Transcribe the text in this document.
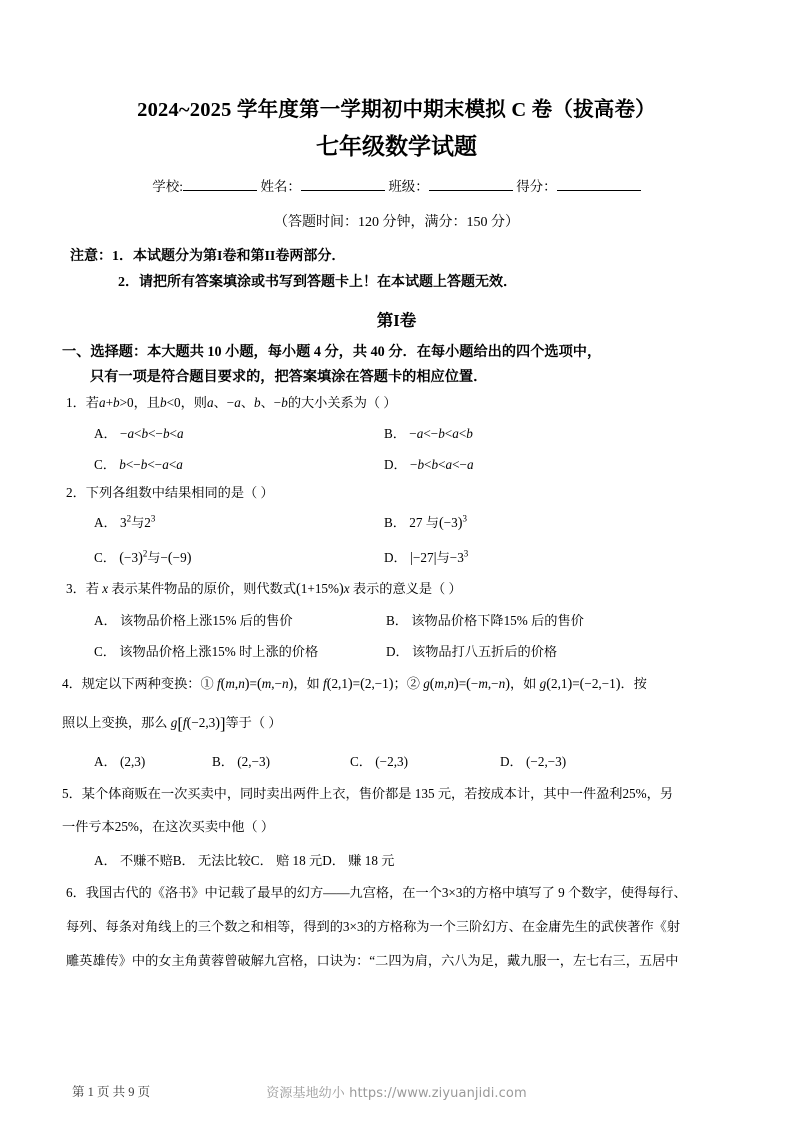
2024~2025 学年度第一学期初中期末模拟 C 卷（拔高卷）
七年级数学试题
学校:	姓名：	班级：	得分：
（答题时间：120 分钟，满分：150 分）
注意：1．本试题分为第I卷和第II卷两部分．
2．请把所有答案填涂或书写到答题卡上！在本试题上答题无效．
第I卷
一、选择题：本大题共 10 小题，每小题 4 分，共 40 分．在每小题给出的四个选项中，
只有一项是符合题目要求的，把答案填涂在答题卡的相应位置．
1．若a+b>0，且b<0，则a、−a、b、−b的大小关系为（ ）
A． −a<b<−b<a	B． −a<−b<a<b
C． b<−b<−a<a	D． −b<b<a<−a
2．下列各组数中结果相同的是（ ）
A． $3^2$与$2^3$	B． 27 与$(-3)^3$
C． $(-3)^2$与−(−9)	D． |−27|与$-3^3$
3．若 x 表示某件物品的原价，则代数式(1+15%)x 表示的意义是（ ）
A． 该物品价格上涨15% 后的售价	B． 该物品价格下降15% 后的售价
C． 该物品价格上涨15% 时上涨的价格	D． 该物品打八五折后的价格
4．规定以下两种变换：① f(m,n)=(m,−n)，如 f(2,1)=(2,−1)；② g(m,n)=(−m,−n)，如 g(2,1)=(−2,−1)．按
照以上变换，那么 g[f(−2,3)]等于（ ）
A． (2,3)	B． (2,−3)	C． (−2,3)	D． (−2,−3)
5．某个体商贩在一次买卖中，同时卖出两件上衣，售价都是 135 元，若按成本计，其中一件盈利25%，另
一件亏本25%，在这次买卖中他（ ）
A． 不赚不赔B． 无法比较C． 赔 18 元D． 赚 18 元
6．我国古代的《洛书》中记载了最早的幻方——九宫格，在一个3×3的方格中填写了 9 个数字，使得每行、
每列、每条对角线上的三个数之和相等，得到的3×3的方格称为一个三阶幻方、在金庸先生的武侠著作《射
雕英雄传》中的女主角黄蓉曾破解九宫格，口诀为：“二四为肩，六八为足，戴九服一，左七右三，五居中
第 1 页 共 9 页	资源基地幼小 https://www.ziyuanjidi.com
